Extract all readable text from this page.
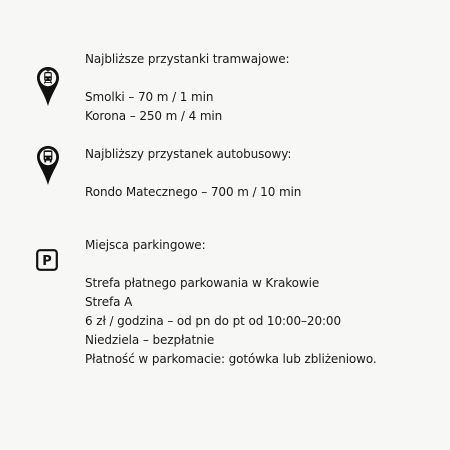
Najbliższe przystanki tramwajowe:
Smolki – 70 m / 1 min
Korona – 250 m / 4 min
Najbliższy przystanek autobusowy:
Rondo Matecznego – 700 m / 10 min
P
Miejsca parkingowe:
Strefa płatnego parkowania w Krakowie
Strefa A
6 zł / godzina – od pn do pt od 10:00–20:00
Niedziela – bezpłatnie
Płatność w parkomacie: gotówka lub zbliżeniowo.
